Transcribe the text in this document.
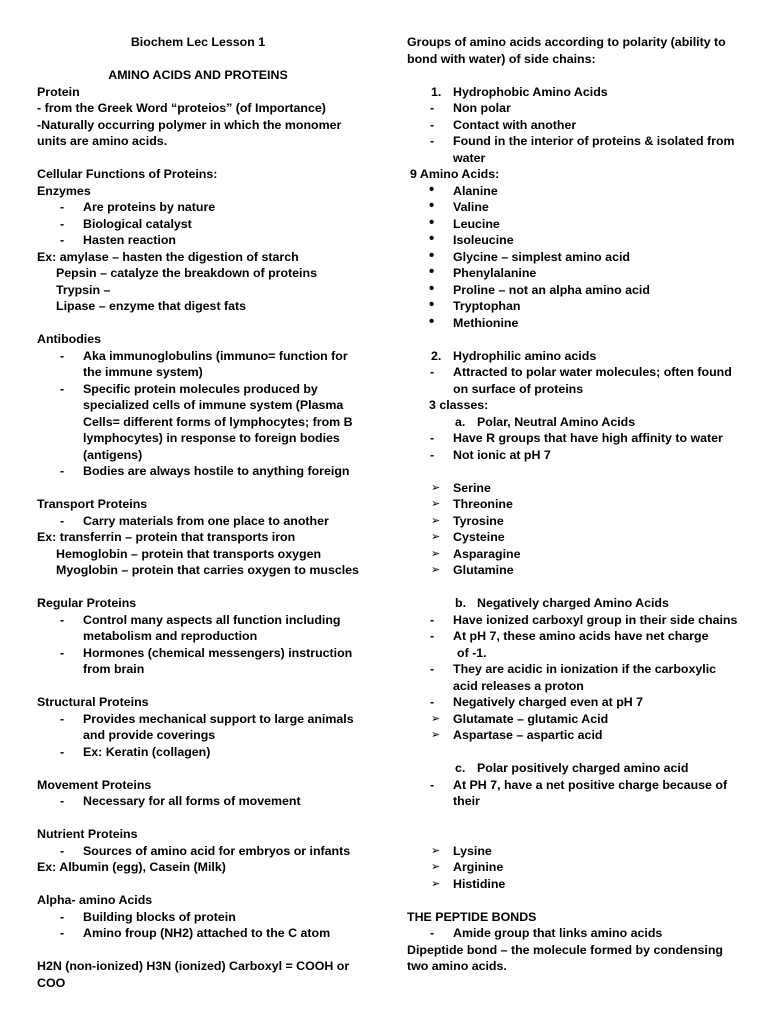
Biochem Lec Lesson 1
AMINO ACIDS AND PROTEINS
Protein
- from the Greek Word “proteios” (of Importance)
-Naturally occurring polymer in which the monomer
units are amino acids.
Cellular Functions of Proteins:
Enzymes
- Are proteins by nature
- Biological catalyst
- Hasten reaction
Ex: amylase – hasten the digestion of starch
Pepsin – catalyze the breakdown of proteins
Trypsin –
Lipase – enzyme that digest fats
Antibodies
- Aka immunoglobulins (immuno= function for
the immune system)
- Specific protein molecules produced by
specialized cells of immune system (Plasma
Cells= different forms of lymphocytes; from B
lymphocytes) in response to foreign bodies
(antigens)
- Bodies are always hostile to anything foreign
Transport Proteins
- Carry materials from one place to another
Ex: transferrin – protein that transports iron
Hemoglobin – protein that transports oxygen
Myoglobin – protein that carries oxygen to muscles
Regular Proteins
- Control many aspects all function including
metabolism and reproduction
- Hormones (chemical messengers) instruction
from brain
Structural Proteins
- Provides mechanical support to large animals
and provide coverings
- Ex: Keratin (collagen)
Movement Proteins
- Necessary for all forms of movement
Nutrient Proteins
- Sources of amino acid for embryos or infants
Ex: Albumin (egg), Casein (Milk)
Alpha- amino Acids
- Building blocks of protein
- Amino froup (NH2) attached to the C atom
H2N (non-ionized) H3N (ionized) Carboxyl = COOH or
COO
Groups of amino acids according to polarity (ability to
bond with water) of side chains:
1. Hydrophobic Amino Acids
- Non polar
- Contact with another
- Found in the interior of proteins & isolated from
water
9 Amino Acids:
• Alanine
• Valine
• Leucine
• Isoleucine
• Glycine – simplest amino acid
• Phenylalanine
• Proline – not an alpha amino acid
• Tryptophan
• Methionine
2. Hydrophilic amino acids
- Attracted to polar water molecules; often found
on surface of proteins
3 classes:
a. Polar, Neutral Amino Acids
- Have R groups that have high affinity to water
- Not ionic at pH 7
➢ Serine
➢ Threonine
➢ Tyrosine
➢ Cysteine
➢ Asparagine
➢ Glutamine
b. Negatively charged Amino Acids
- Have ionized carboxyl group in their side chains
- At pH 7, these amino acids have net charge
of -1.
- They are acidic in ionization if the carboxylic
acid releases a proton
- Negatively charged even at pH 7
➢ Glutamate – glutamic Acid
➢ Aspartase – aspartic acid
c. Polar positively charged amino acid
- At PH 7, have a net positive charge because of
their
➢ Lysine
➢ Arginine
➢ Histidine
THE PEPTIDE BONDS
- Amide group that links amino acids
Dipeptide bond – the molecule formed by condensing
two amino acids.
